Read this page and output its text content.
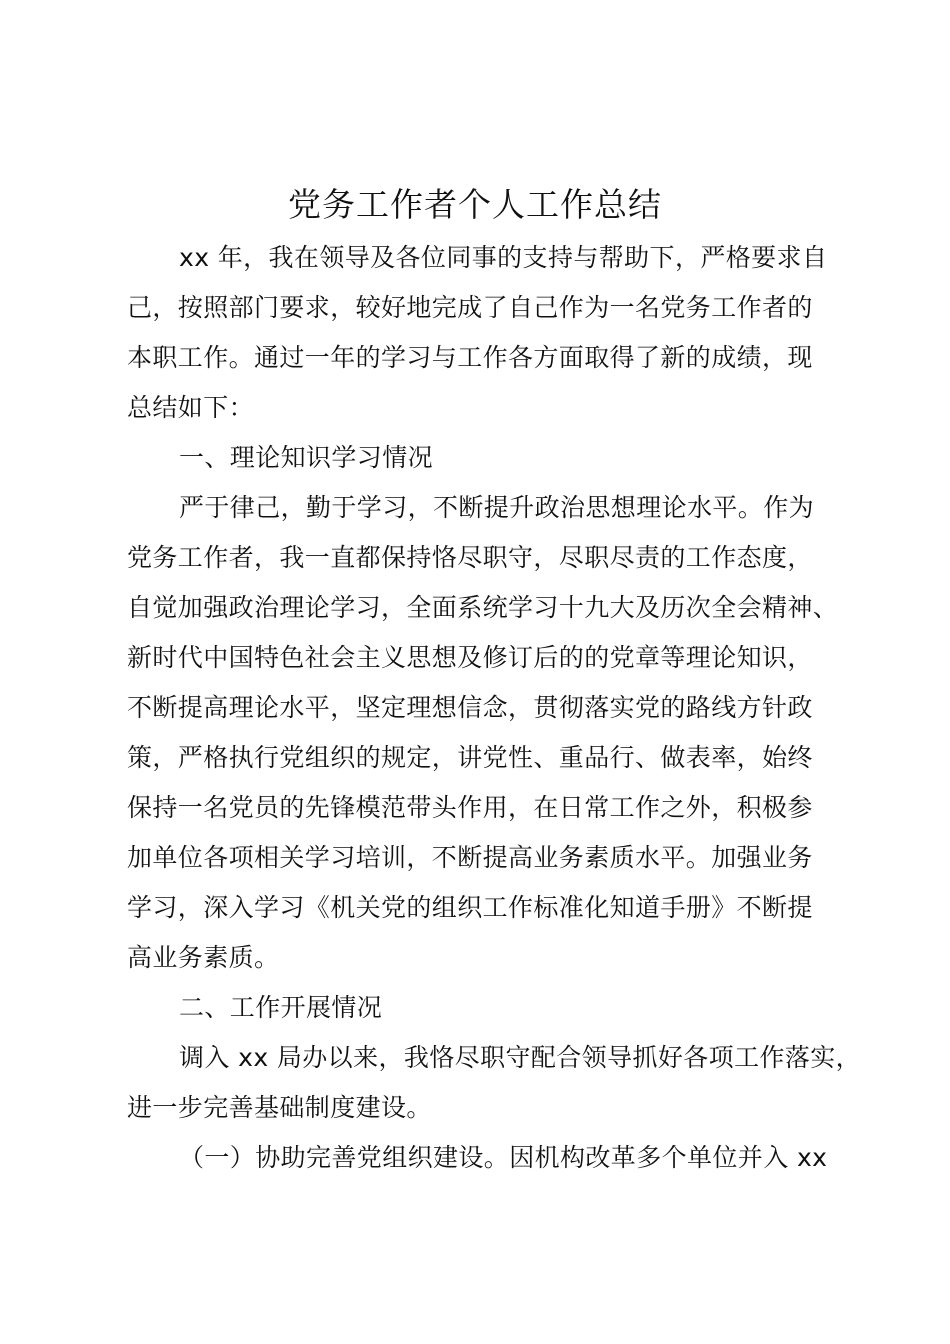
党务工作者个人工作总结
xx 年，我在领导及各位同事的支持与帮助下，严格要求自
己，按照部门要求，较好地完成了自己作为一名党务工作者的
本职工作。通过一年的学习与工作各方面取得了新的成绩，现
总结如下：
一、理论知识学习情况
严于律己，勤于学习，不断提升政治思想理论水平。作为
党务工作者，我一直都保持恪尽职守，尽职尽责的工作态度，
自觉加强政治理论学习，全面系统学习十九大及历次全会精神、
新时代中国特色社会主义思想及修订后的的党章等理论知识，
不断提高理论水平，坚定理想信念，贯彻落实党的路线方针政
策，严格执行党组织的规定，讲党性、重品行、做表率，始终
保持一名党员的先锋模范带头作用，在日常工作之外，积极参
加单位各项相关学习培训，不断提高业务素质水平。加强业务
学习，深入学习《机关党的组织工作标准化知道手册》不断提
高业务素质。
二、工作开展情况
调入 xx 局办以来，我恪尽职守配合领导抓好各项工作落实，
进一步完善基础制度建设。
（一）协助完善党组织建设。因机构改革多个单位并入 xx
